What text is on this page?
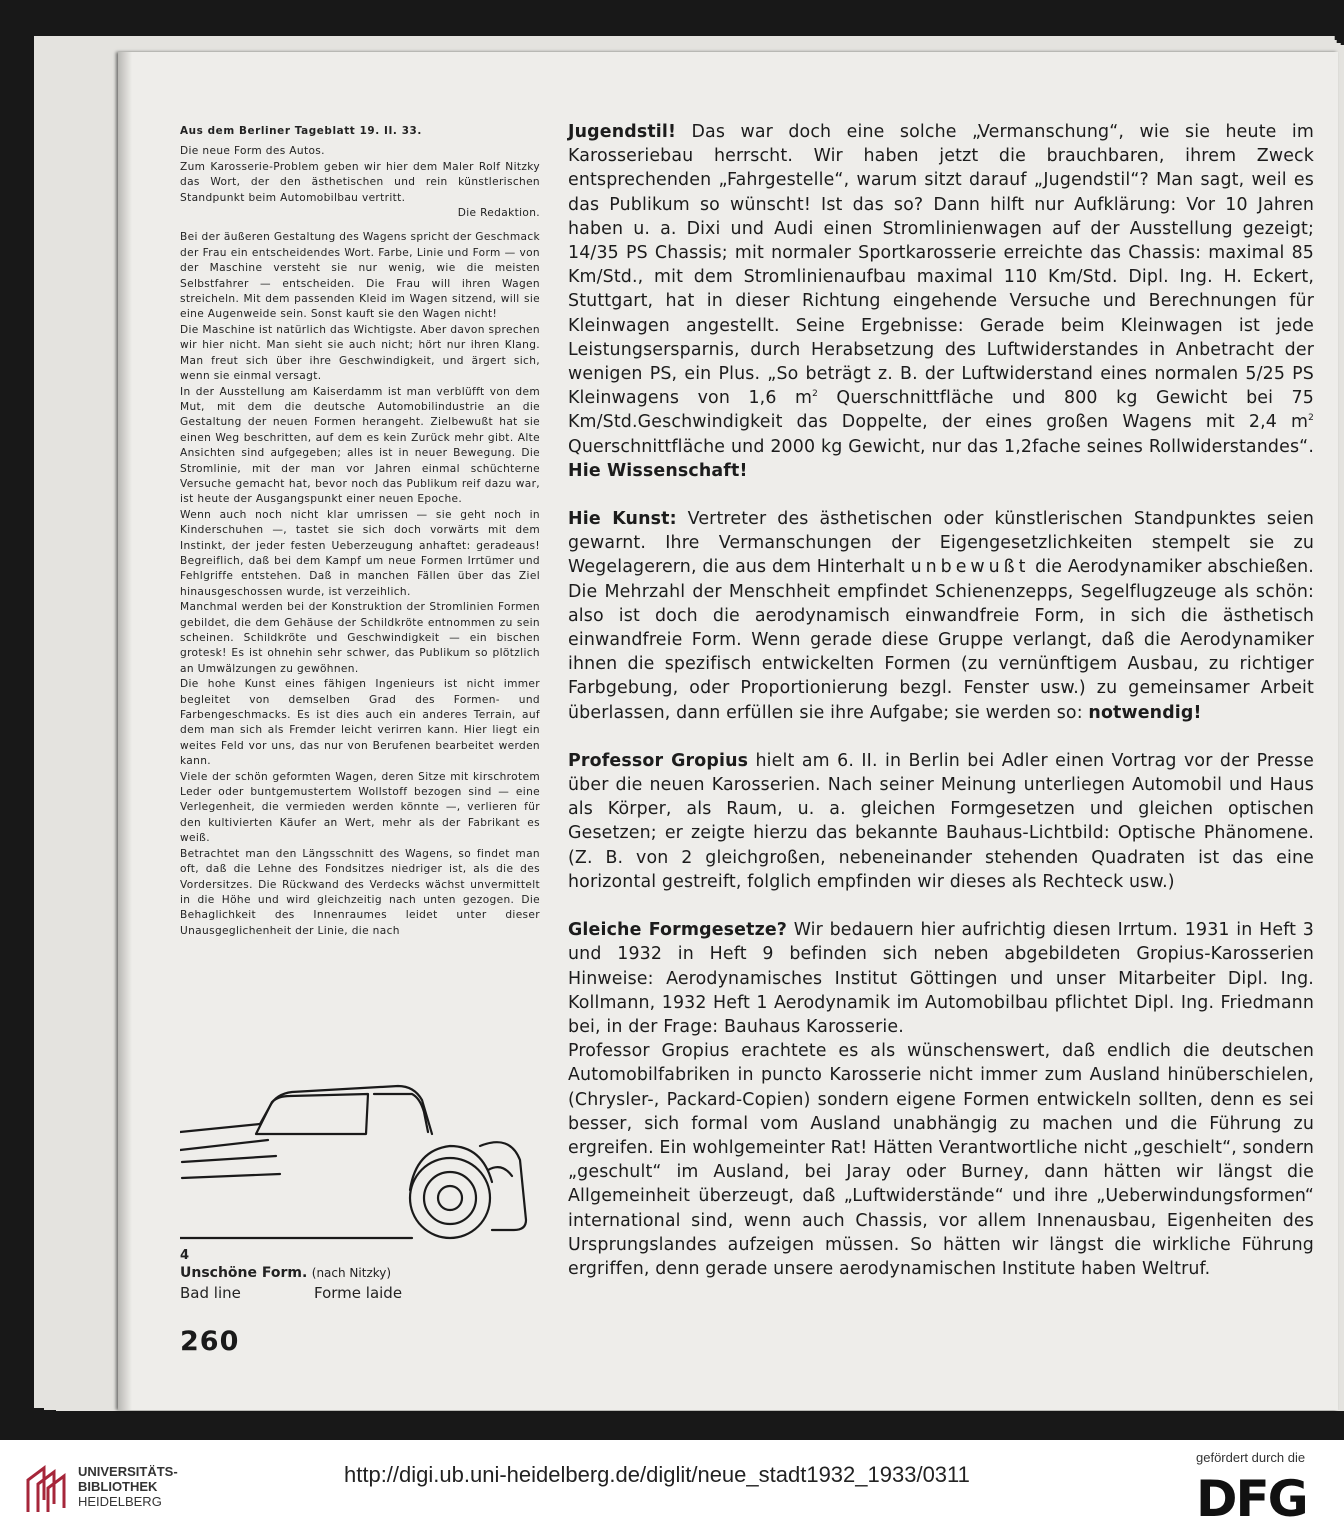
Aus dem Berliner Tageblatt 19. II. 33.

Die neue Form des Autos.

Zum Karosserie-Problem geben wir hier dem Maler Rolf Nitzky das Wort, der den ästhetischen und rein künstlerischen Standpunkt beim Automobilbau vertritt.

Die Redaktion.

Bei der äußeren Gestaltung des Wagens spricht der Geschmack der Frau ein entscheidendes Wort. Farbe, Linie und Form — von der Maschine versteht sie nur wenig, wie die meisten Selbstfahrer — entscheiden. Die Frau will ihren Wagen streicheln. Mit dem passenden Kleid im Wagen sitzend, will sie eine Augenweide sein. Sonst kauft sie den Wagen nicht!

Die Maschine ist natürlich das Wichtigste. Aber davon sprechen wir hier nicht. Man sieht sie auch nicht; hört nur ihren Klang. Man freut sich über ihre Geschwindigkeit, und ärgert sich, wenn sie einmal versagt.

In der Ausstellung am Kaiserdamm ist man verblüfft von dem Mut, mit dem die deutsche Automobilindustrie an die Gestaltung der neuen Formen herangeht. Zielbewußt hat sie einen Weg beschritten, auf dem es kein Zurück mehr gibt. Alte Ansichten sind aufgegeben; alles ist in neuer Bewegung. Die Stromlinie, mit der man vor Jahren einmal schüchterne Versuche gemacht hat, bevor noch das Publikum reif dazu war, ist heute der Ausgangspunkt einer neuen Epoche.

Wenn auch noch nicht klar umrissen — sie geht noch in Kinderschuhen —, tastet sie sich doch vorwärts mit dem Instinkt, der jeder festen Ueberzeugung anhaftet: geradeaus! Begreiflich, daß bei dem Kampf um neue Formen Irrtümer und Fehlgriffe entstehen. Daß in manchen Fällen über das Ziel hinausgeschossen wurde, ist verzeihlich.

Manchmal werden bei der Konstruktion der Stromlinien Formen gebildet, die dem Gehäuse der Schildkröte entnommen zu sein scheinen. Schildkröte und Geschwindigkeit — ein bischen grotesk! Es ist ohnehin sehr schwer, das Publikum so plötzlich an Umwälzungen zu gewöhnen.

Die hohe Kunst eines fähigen Ingenieurs ist nicht immer begleitet von demselben Grad des Formen- und Farbengeschmacks. Es ist dies auch ein anderes Terrain, auf dem man sich als Fremder leicht verirren kann. Hier liegt ein weites Feld vor uns, das nur von Berufenen bearbeitet werden kann.

Viele der schön geformten Wagen, deren Sitze mit kirschrotem Leder oder buntgemustertem Wollstoff bezogen sind — eine Verlegenheit, die vermieden werden könnte —, verlieren für den kultivierten Käufer an Wert, mehr als der Fabrikant es weiß.

Betrachtet man den Längsschnitt des Wagens, so findet man oft, daß die Lehne des Fondsitzes niedriger ist, als die des Vordersitzes. Die Rückwand des Verdecks wächst unvermittelt in die Höhe und wird gleichzeitig nach unten gezogen. Die Behaglichkeit des Innenraumes leidet unter dieser Unausgeglichenheit der Linie, die nach

4
Unschöne Form. (nach Nitzky)
Bad line	Forme laide
260

Jugendstil! Das war doch eine solche „Vermanschung“, wie sie heute im Karosseriebau herrscht. Wir haben jetzt die brauchbaren, ihrem Zweck entsprechenden „Fahrgestelle“, warum sitzt darauf „Jugendstil“? Man sagt, weil es das Publikum so wünscht! Ist das so? Dann hilft nur Aufklärung: Vor 10 Jahren haben u. a. Dixi und Audi einen Stromlinienwagen auf der Ausstellung gezeigt; 14/35 PS Chassis; mit normaler Sportkarosserie erreichte das Chassis: maximal 85 Km/Std., mit dem Stromlinienaufbau maximal 110 Km/Std. Dipl. Ing. H. Eckert, Stuttgart, hat in dieser Richtung eingehende Versuche und Berechnungen für Kleinwagen angestellt. Seine Ergebnisse: Gerade beim Kleinwagen ist jede Leistungsersparnis, durch Herabsetzung des Luftwiderstandes in Anbetracht der wenigen PS, ein Plus. „So beträgt z. B. der Luftwiderstand eines normalen 5/25 PS Kleinwagens von 1,6 $m^2$ Querschnittfläche und 800 kg Gewicht bei 75 Km/Std.Geschwindigkeit das Doppelte, der eines großen Wagens mit 2,4 $m^2$ Querschnittfläche und 2000 kg Gewicht, nur das 1,2fache seines Rollwiderstandes“. Hie Wissenschaft!

Hie Kunst: Vertreter des ästhetischen oder künstlerischen Standpunktes seien gewarnt. Ihre Vermanschungen der Eigengesetzlichkeiten stempelt sie zu Wegelagerern, die aus dem Hinterhalt unbewußt die Aerodynamiker abschießen. Die Mehrzahl der Menschheit empfindet Schienenzepps, Segelflugzeuge als schön: also ist doch die aerodynamisch einwandfreie Form, in sich die ästhetisch einwandfreie Form. Wenn gerade diese Gruppe verlangt, daß die Aerodynamiker ihnen die spezifisch entwickelten Formen (zu vernünftigem Ausbau, zu richtiger Farbgebung, oder Proportionierung bezgl. Fenster usw.) zu gemeinsamer Arbeit überlassen, dann erfüllen sie ihre Aufgabe; sie werden so: notwendig!

Professor Gropius hielt am 6. II. in Berlin bei Adler einen Vortrag vor der Presse über die neuen Karosserien. Nach seiner Meinung unterliegen Automobil und Haus als Körper, als Raum, u. a. gleichen Formgesetzen und gleichen optischen Gesetzen; er zeigte hierzu das bekannte Bauhaus-Lichtbild: Optische Phänomene. (Z. B. von 2 gleichgroßen, nebeneinander stehenden Quadraten ist das eine horizontal gestreift, folglich empfinden wir dieses als Rechteck usw.)

Gleiche Formgesetze? Wir bedauern hier aufrichtig diesen Irrtum. 1931 in Heft 3 und 1932 in Heft 9 befinden sich neben abgebildeten Gropius-Karosserien Hinweise: Aerodynamisches Institut Göttingen und unser Mitarbeiter Dipl. Ing. Kollmann, 1932 Heft 1 Aerodynamik im Automobilbau pflichtet Dipl. Ing. Friedmann bei, in der Frage: Bauhaus Karosserie.

Professor Gropius erachtete es als wünschenswert, daß endlich die deutschen Automobilfabriken in puncto Karosserie nicht immer zum Ausland hinüberschielen, (Chrysler-, Packard-Copien) sondern eigene Formen entwickeln sollten, denn es sei besser, sich formal vom Ausland unabhängig zu machen und die Führung zu ergreifen. Ein wohlgemeinter Rat! Hätten Verantwortliche nicht „geschielt“, sondern „geschult“ im Ausland, bei Jaray oder Burney, dann hätten wir längst die Allgemeinheit überzeugt, daß „Luftwiderstände“ und ihre „Ueberwindungsformen“ international sind, wenn auch Chassis, vor allem Innenausbau, Eigenheiten des Ursprungslandes aufzeigen müssen. So hätten wir längst die wirkliche Führung ergriffen, denn gerade unsere aerodynamischen Institute haben Weltruf.

UNIVERSITÄTS-
BIBLIOTHEK
HEIDELBERG
http://digi.ub.uni-heidelberg.de/diglit/neue_stadt1932_1933/0311
gefördert durch die
DFG
